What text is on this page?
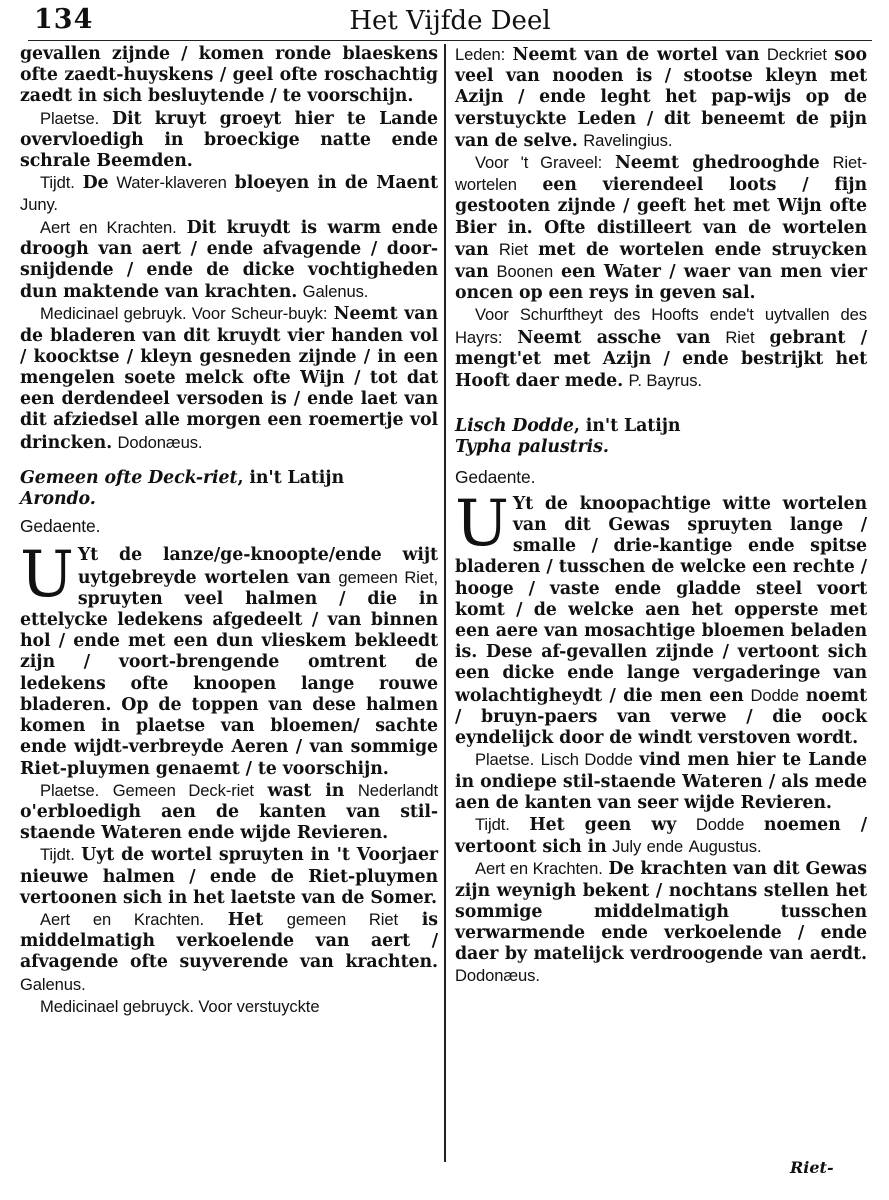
134	Het Vijfde Deel

gevallen zijnde / komen ronde blaeskens ofte zaedt-huyskens / geel ofte roschachtig zaedt in sich besluytende / te voorschijn.

Plaetse. Dit kruyt groeyt hier te Lande overvloedigh in broeckige natte ende schrale Beemden.

Tijdt. De Water-klaveren bloeyen in de Maent Juny.

Aert en Krachten. Dit kruydt is warm ende droogh van aert / ende afvagende / door-snijdende / ende de dicke vochtigheden dun maktende van krachten. Galenus.

Medicinael gebruyk. Voor Scheur-buyk: Neemt van de bladeren van dit kruydt vier handen vol / koocktse / kleyn gesneden zijnde / in een mengelen soete melck ofte Wijn / tot dat een derdendeel versoden is / ende laet van dit afziedsel alle morgen een roemertje vol drincken. Dodonæus.

Gemeen ofte Deck-riet, in't Latijn

Arondo.

Gedaente.

U Yt de lanze/ge-knoopte/ende wijt uytgebreyde wortelen van gemeen Riet, spruyten veel halmen / die in ettelycke ledekens afgedeelt / van binnen hol / ende met een dun vlieskem bekleedt zijn / voort-brengende omtrent de ledekens ofte knoopen lange rouwe bladeren. Op de toppen van dese halmen komen in plaetse van bloemen/ sachte ende wijdt-verbreyde Aeren / van sommige Riet-pluymen genaemt / te voorschijn.

Plaetse. Gemeen Deck-riet wast in Nederlandt o'erbloedigh aen de kanten van stil-staende Wateren ende wijde Revieren.

Tijdt. Uyt de wortel spruyten in 't Voorjaer nieuwe halmen / ende de Riet-pluymen vertoonen sich in het laetste van de Somer.

Aert en Krachten. Het gemeen Riet is middelmatigh verkoelende van aert / afvagende ofte suyverende van krachten. Galenus.

Medicinael gebruyck. Voor verstuyckte

Leden: Neemt van de wortel van Deckriet soo veel van nooden is / stootse kleyn met Azijn / ende leght het pap-wijs op de verstuyckte Leden / dit beneemt de pijn van de selve. Ravelingius.

Voor 't Graveel: Neemt ghedrooghde Riet-wortelen een vierendeel loots / fijn gestooten zijnde / geeft het met Wijn ofte Bier in. Ofte distilleert van de wortelen van Riet met de wortelen ende struycken van Boonen een Water / waer van men vier oncen op een reys in geven sal.

Voor Schurftheyt des Hoofts ende't uytvallen des Hayrs: Neemt assche van Riet gebrant / mengt'et met Azijn / ende bestrijkt het Hooft daer mede. P. Bayrus.

Lisch Dodde, in't Latijn

Typha palustris.

Gedaente.

U Yt de knoopachtige witte wortelen van dit Gewas spruyten lange / smalle / drie-kantige ende spitse bladeren / tusschen de welcke een rechte / hooge / vaste ende gladde steel voort komt / de welcke aen het opperste met een aere van mosachtige bloemen beladen is. Dese af-gevallen zijnde / vertoont sich een dicke ende lange vergaderinge van wolachtigheydt / die men een Dodde noemt / bruyn-paers van verwe / die oock eyndelijck door de windt verstoven wordt.

Plaetse. Lisch Dodde vind men hier te Lande in ondiepe stil-staende Wateren / als mede aen de kanten van seer wijde Revieren.

Tijdt. Het geen wy Dodde noemen / vertoont sich in July ende Augustus.

Aert en Krachten. De krachten van dit Gewas zijn weynigh bekent / nochtans stellen het sommige middelmatigh tusschen verwarmende ende verkoelende / ende daer by matelijck verdroogende van aerdt. Dodonæus.

Riet-
